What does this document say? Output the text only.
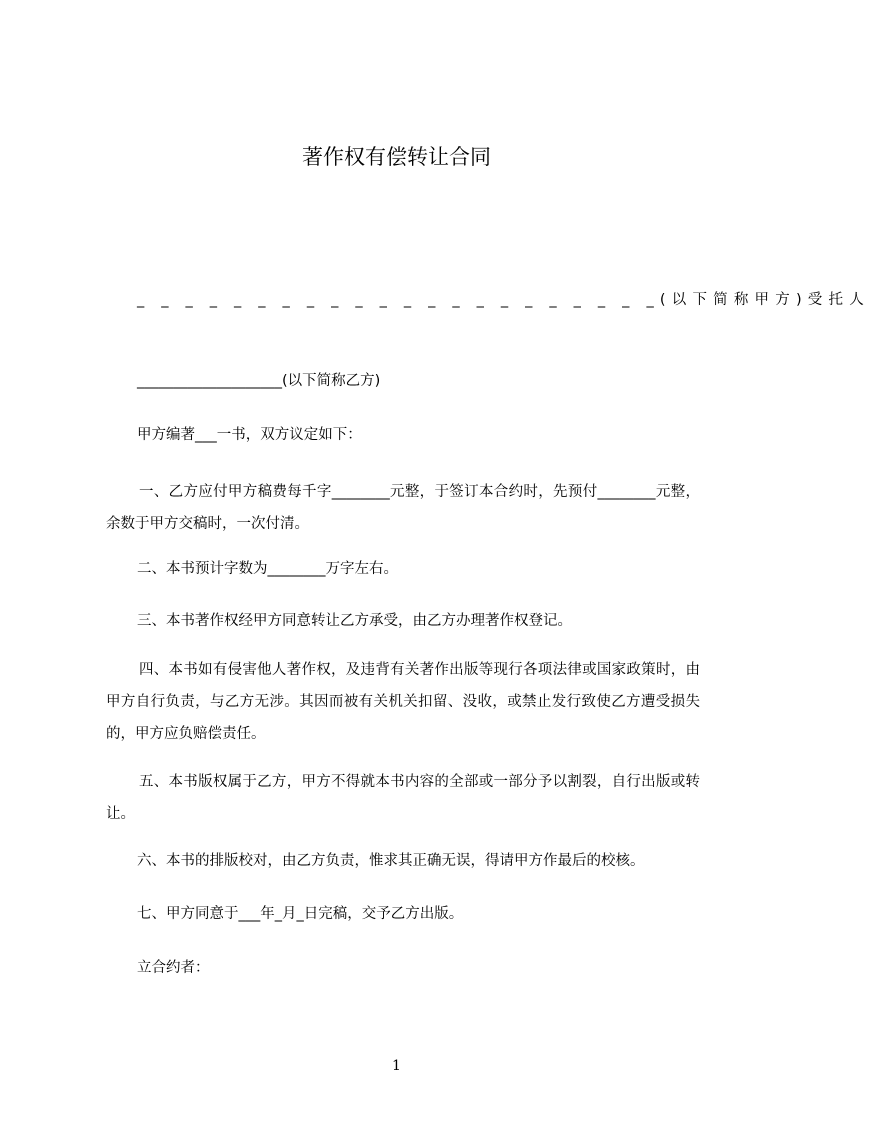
著作权有偿转让合同

_ _ _ _ _ _ _ _ _ _ _ _ _ _ _ _ _ _ _ _ _ _(以下简称甲方)受托人

____________________(以下简称乙方)

甲方编著___一书，双方议定如下：

一、乙方应付甲方稿费每千字________元整，于签订本合约时，先预付________元整，余数于甲方交稿时，一次付清。

二、本书预计字数为________万字左右。

三、本书著作权经甲方同意转让乙方承受，由乙方办理著作权登记。

四、本书如有侵害他人著作权，及违背有关著作出版等现行各项法律或国家政策时，由甲方自行负责，与乙方无涉。其因而被有关机关扣留、没收，或禁止发行致使乙方遭受损失的，甲方应负赔偿责任。

五、本书版权属于乙方，甲方不得就本书内容的全部或一部分予以割裂，自行出版或转让。

六、本书的排版校对，由乙方负责，惟求其正确无误，得请甲方作最后的校核。

七、甲方同意于___年_月_日完稿，交予乙方出版。

立合约者：

1
